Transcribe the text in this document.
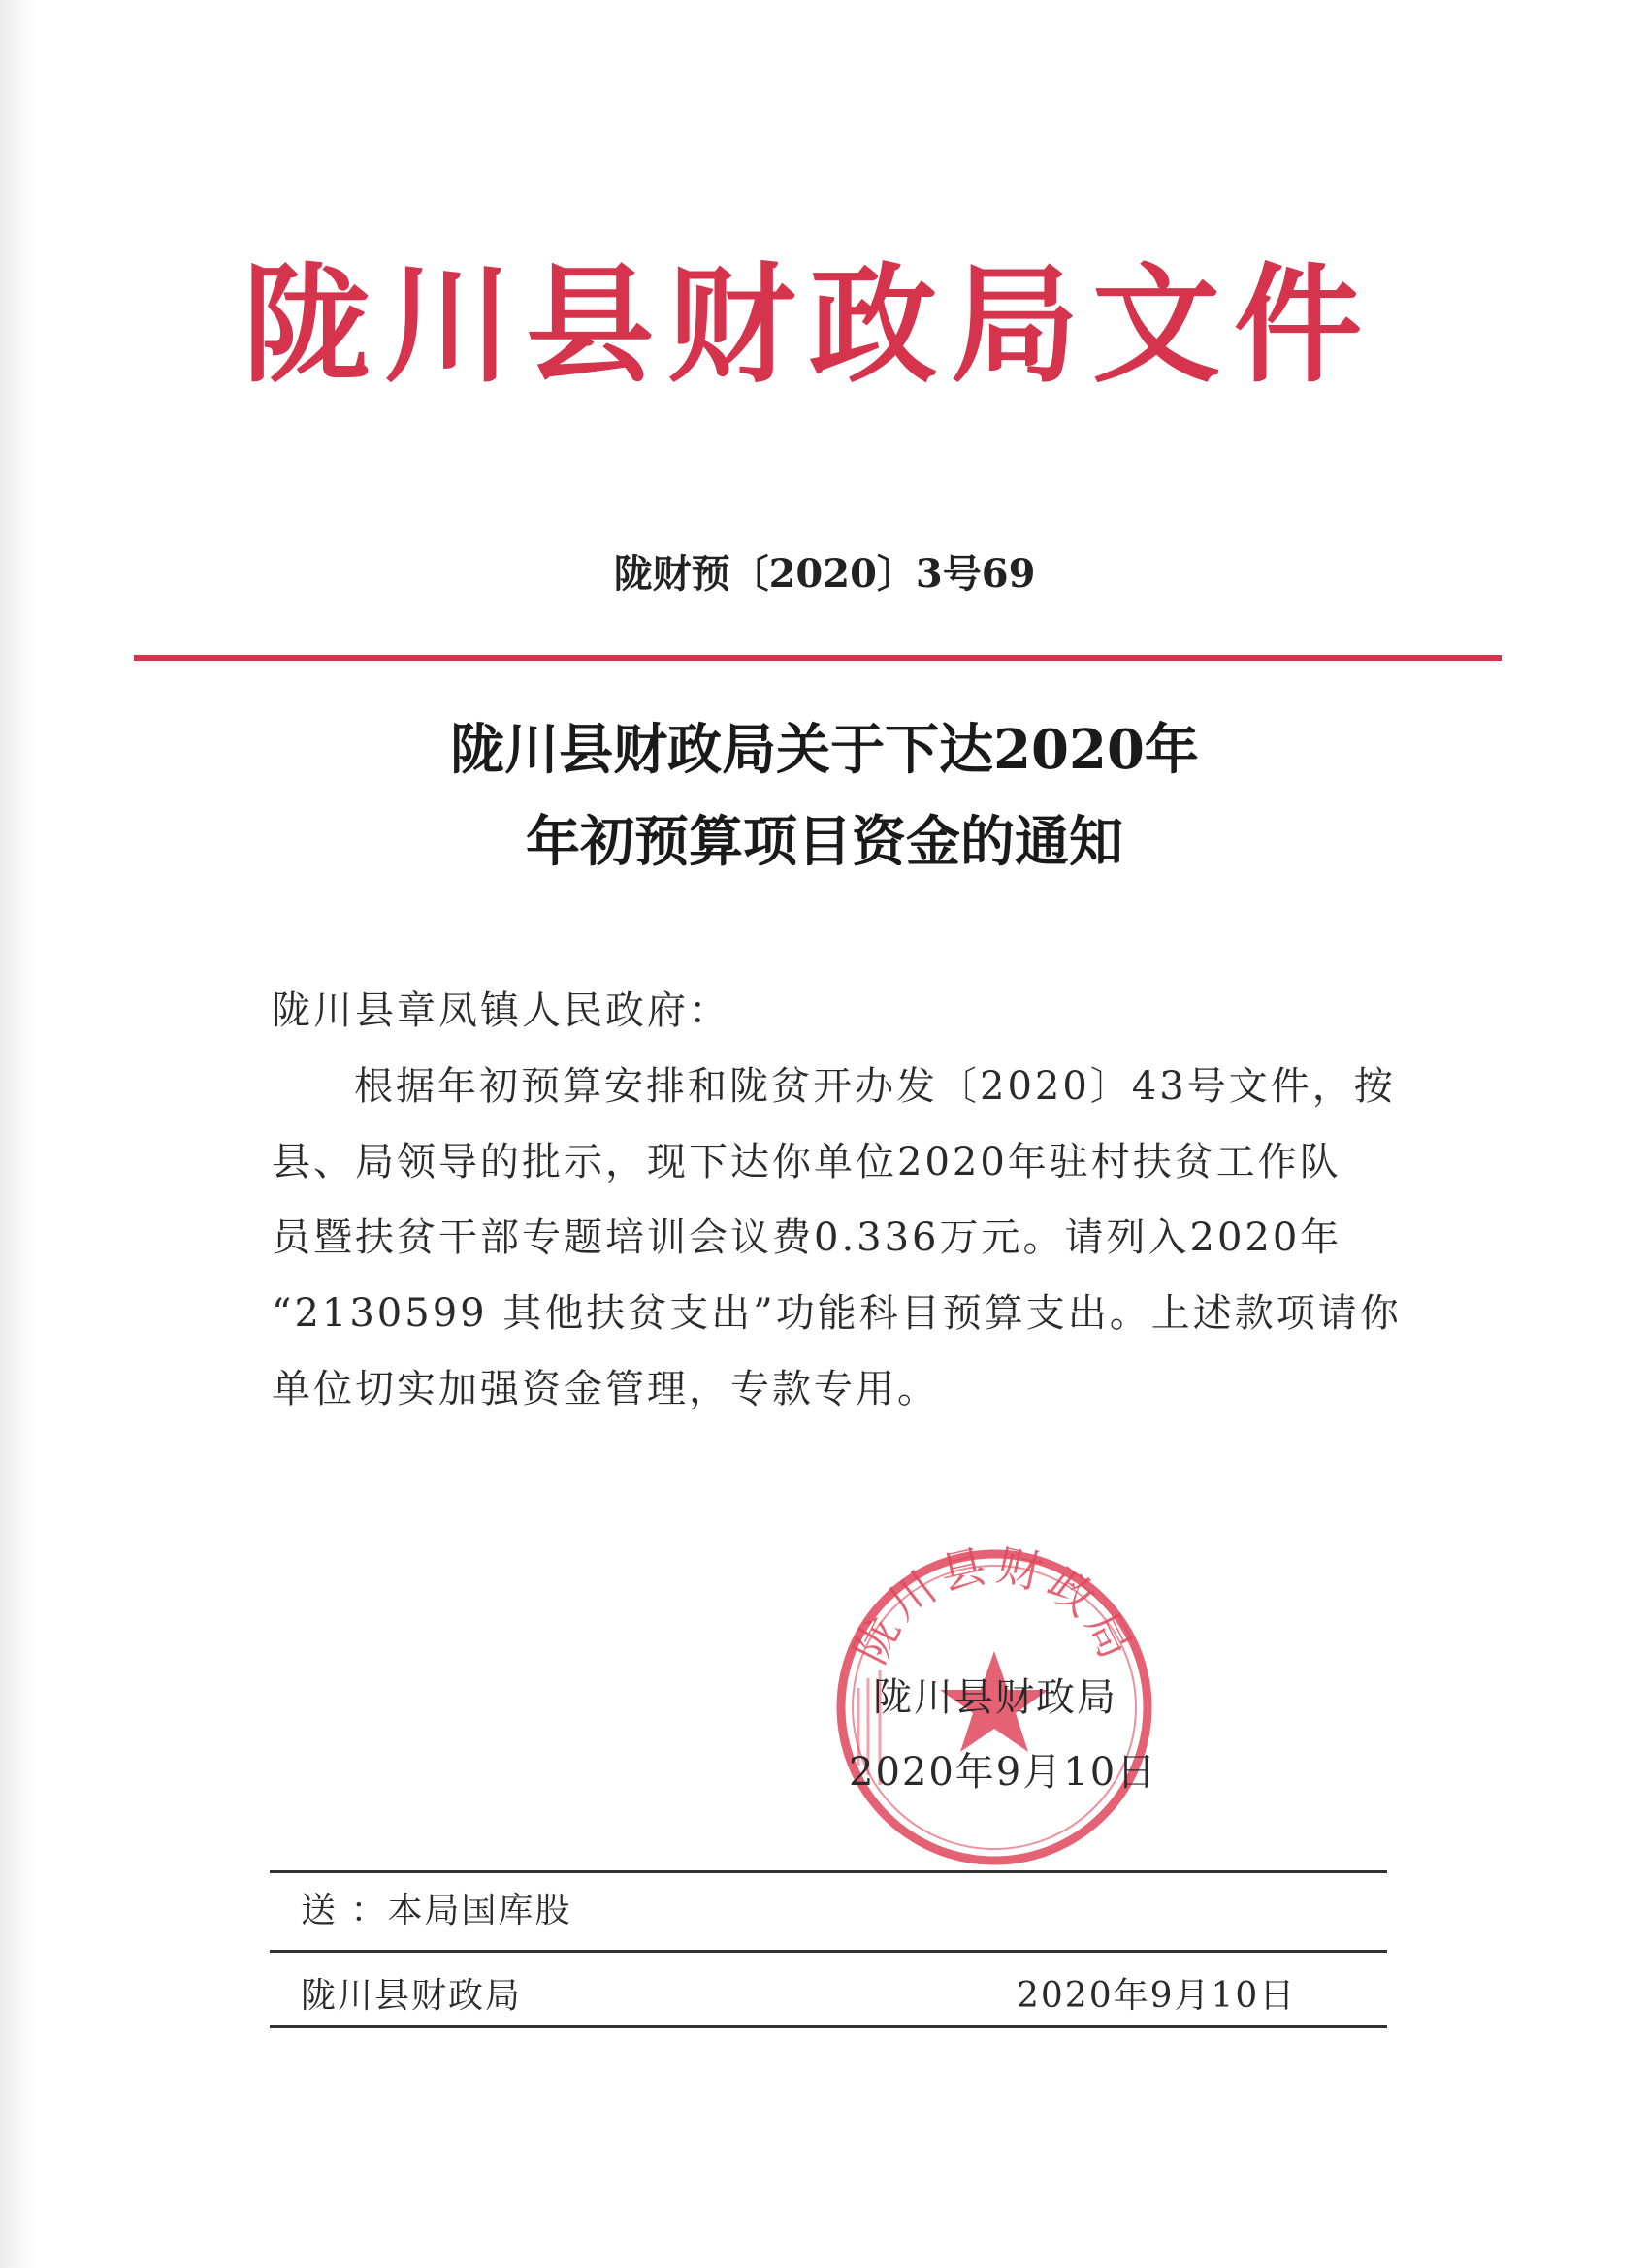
陇川县财政局文件
陇财预〔2020〕3号69
陇川县财政局关于下达2020年
年初预算项目资金的通知
陇川县章凤镇人民政府：
根据年初预算安排和陇贫开办发〔2020〕43号文件，按
县、局领导的批示，现下达你单位2020年驻村扶贫工作队
员暨扶贫干部专题培训会议费0.336万元。请列入2020年
“2130599 其他扶贫支出”功能科目预算支出。上述款项请你
单位切实加强资金管理，专款专用。
陇川县财政局
陇川县财政局
2020年9月10日
送 ：本局国库股
陇川县财政局	2020年9月10日
